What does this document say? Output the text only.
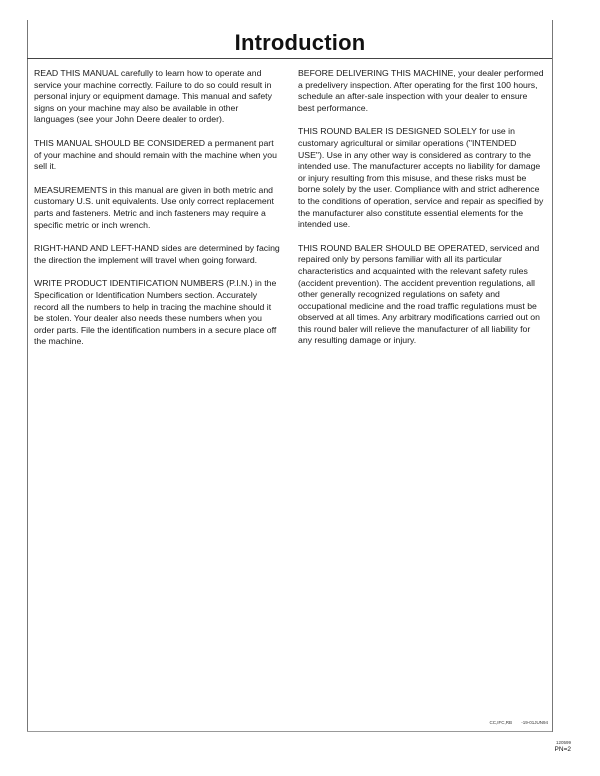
Introduction

READ THIS MANUAL carefully to learn how to operate and service your machine correctly. Failure to do so could result in personal injury or equipment damage. This manual and safety signs on your machine may also be available in other languages (see your John Deere dealer to order).

THIS MANUAL SHOULD BE CONSIDERED a permanent part of your machine and should remain with the machine when you sell it.

MEASUREMENTS in this manual are given in both metric and customary U.S. unit equivalents. Use only correct replacement parts and fasteners. Metric and inch fasteners may require a specific metric or inch wrench.

RIGHT-HAND AND LEFT-HAND sides are determined by facing the direction the implement will travel when going forward.

WRITE PRODUCT IDENTIFICATION NUMBERS (P.I.N.) in the Specification or Identification Numbers section. Accurately record all the numbers to help in tracing the machine should it be stolen. Your dealer also needs these numbers when you order parts. File the identification numbers in a secure place off the machine.

BEFORE DELIVERING THIS MACHINE, your dealer performed a predelivery inspection. After operating for the first 100 hours, schedule an after-sale inspection with your dealer to ensure best performance.

THIS ROUND BALER IS DESIGNED SOLELY for use in customary agricultural or similar operations ("INTENDED USE"). Use in any other way is considered as contrary to the intended use. The manufacturer accepts no liability for damage or injury resulting from this misuse, and these risks must be borne solely by the user. Compliance with and strict adherence to the conditions of operation, service and repair as specified by the manufacturer also constitute essential elements for the intended use.

THIS ROUND BALER SHOULD BE OPERATED, serviced and repaired only by persons familiar with all its particular characteristics and acquainted with the relevant safety rules (accident prevention). The accident prevention regulations, all other generally recognized regulations on safety and occupational medicine and the road traffic regulations must be observed at all times. Any arbitrary modifications carried out on this round baler will relieve the manufacturer of all liability for any resulting damage or injury.

CC,IFC,RB -19-01JUN94
120599
PN=2
